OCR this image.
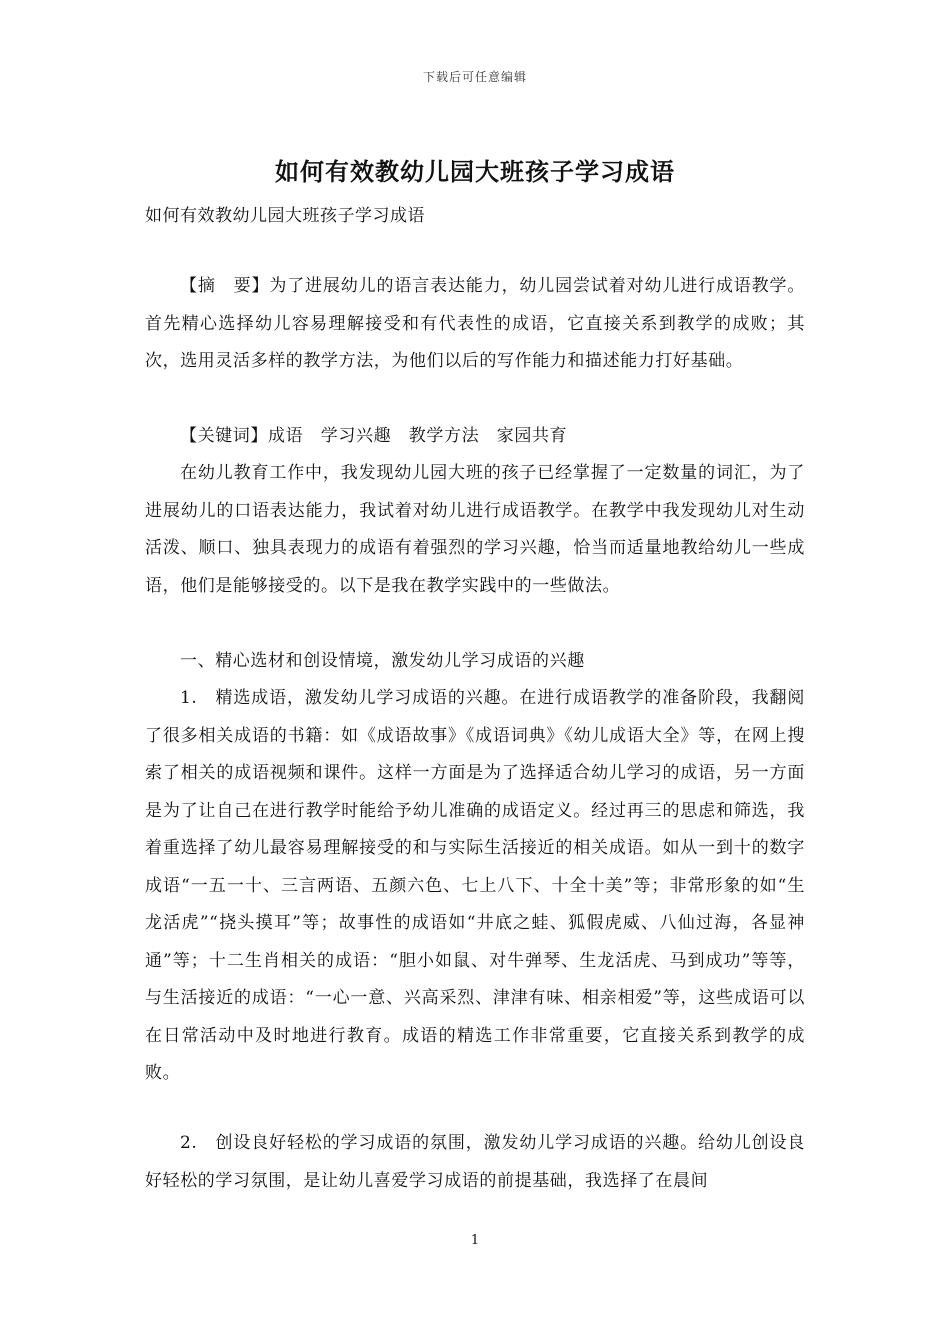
下载后可任意编辑
如何有效教幼儿园大班孩子学习成语

如何有效教幼儿园大班孩子学习成语

【摘　要】为了进展幼儿的语言表达能力，幼儿园尝试着对幼儿进行成语教学。首先精心选择幼儿容易理解接受和有代表性的成语，它直接关系到教学的成败；其次，选用灵活多样的教学方法，为他们以后的写作能力和描述能力打好基础。

【关键词】成语　学习兴趣　教学方法　家园共育

在幼儿教育工作中，我发现幼儿园大班的孩子已经掌握了一定数量的词汇，为了进展幼儿的口语表达能力，我试着对幼儿进行成语教学。在教学中我发现幼儿对生动活泼、顺口、独具表现力的成语有着强烈的学习兴趣，恰当而适量地教给幼儿一些成语，他们是能够接受的。以下是我在教学实践中的一些做法。

一、精心选材和创设情境，激发幼儿学习成语的兴趣

1.　精选成语，激发幼儿学习成语的兴趣。在进行成语教学的准备阶段，我翻阅了很多相关成语的书籍：如《成语故事》《成语词典》《幼儿成语大全》等，在网上搜索了相关的成语视频和课件。这样一方面是为了选择适合幼儿学习的成语，另一方面是为了让自己在进行教学时能给予幼儿准确的成语定义。经过再三的思虑和筛选，我着重选择了幼儿最容易理解接受的和与实际生活接近的相关成语。如从一到十的数字成语“一五一十、三言两语、五颜六色、七上八下、十全十美”等；非常形象的如“生龙活虎”“挠头摸耳”等；故事性的成语如“井底之蛙、狐假虎威、八仙过海，各显神通”等；十二生肖相关的成语：“胆小如鼠、对牛弹琴、生龙活虎、马到成功”等等，与生活接近的成语：“一心一意、兴高采烈、津津有味、相亲相爱”等，这些成语可以在日常活动中及时地进行教育。成语的精选工作非常重要，它直接关系到教学的成败。

2.　创设良好轻松的学习成语的氛围，激发幼儿学习成语的兴趣。给幼儿创设良好轻松的学习氛围，是让幼儿喜爱学习成语的前提基础，我选择了在晨间

1
